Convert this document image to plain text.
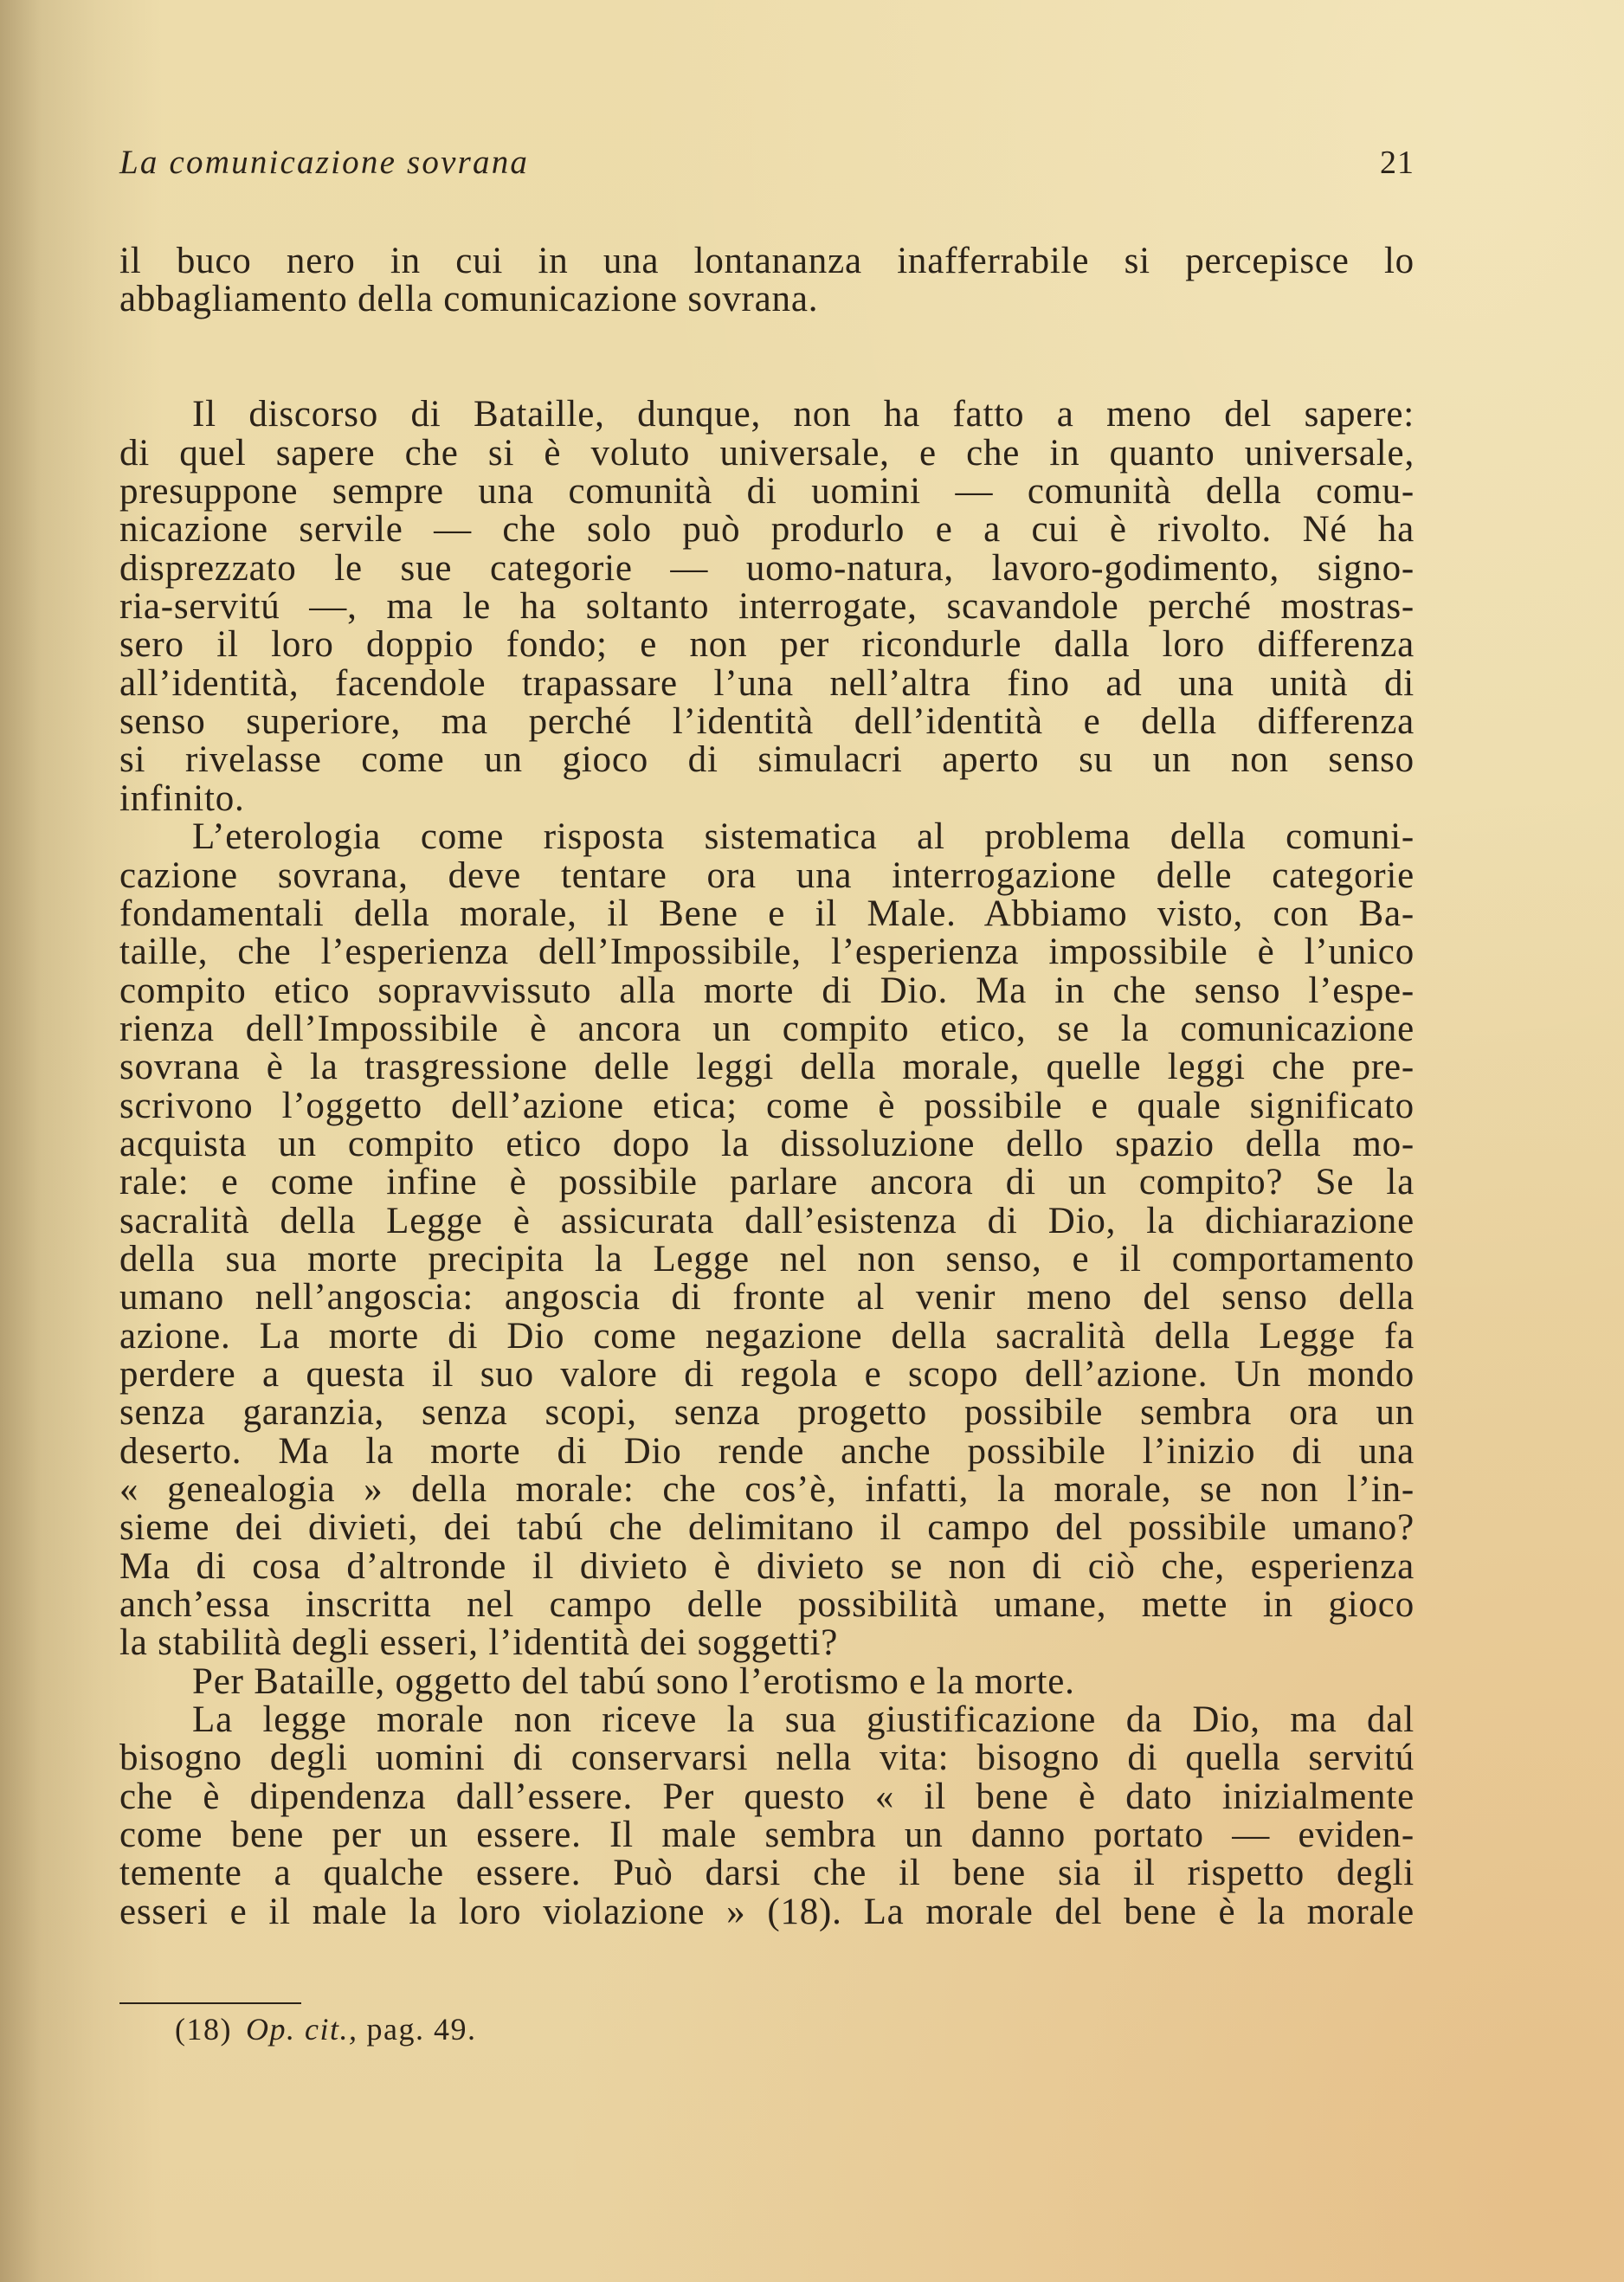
La comunicazione sovrana	21
il buco nero in cui in una lontananza inafferrabile si percepisce lo
abbagliamento della comunicazione sovrana.
Il discorso di Bataille, dunque, non ha fatto a meno del sapere:
di quel sapere che si è voluto universale, e che in quanto universale,
presuppone sempre una comunità di uomini — comunità della comu-
nicazione servile — che solo può produrlo e a cui è rivolto. Né ha
disprezzato le sue categorie — uomo-natura, lavoro-godimento, signo-
ria-servitú —, ma le ha soltanto interrogate, scavandole perché mostras-
sero il loro doppio fondo; e non per ricondurle dalla loro differenza
all’identità, facendole trapassare l’una nell’altra fino ad una unità di
senso superiore, ma perché l’identità dell’identità e della differenza
si rivelasse come un gioco di simulacri aperto su un non senso
infinito.
L’eterologia come risposta sistematica al problema della comuni-
cazione sovrana, deve tentare ora una interrogazione delle categorie
fondamentali della morale, il Bene e il Male. Abbiamo visto, con Ba-
taille, che l’esperienza dell’Impossibile, l’esperienza impossibile è l’unico
compito etico sopravvissuto alla morte di Dio. Ma in che senso l’espe-
rienza dell’Impossibile è ancora un compito etico, se la comunicazione
sovrana è la trasgressione delle leggi della morale, quelle leggi che pre-
scrivono l’oggetto dell’azione etica; come è possibile e quale significato
acquista un compito etico dopo la dissoluzione dello spazio della mo-
rale: e come infine è possibile parlare ancora di un compito? Se la
sacralità della Legge è assicurata dall’esistenza di Dio, la dichiarazione
della sua morte precipita la Legge nel non senso, e il comportamento
umano nell’angoscia: angoscia di fronte al venir meno del senso della
azione. La morte di Dio come negazione della sacralità della Legge fa
perdere a questa il suo valore di regola e scopo dell’azione. Un mondo
senza garanzia, senza scopi, senza progetto possibile sembra ora un
deserto. Ma la morte di Dio rende anche possibile l’inizio di una
« genealogia » della morale: che cos’è, infatti, la morale, se non l’in-
sieme dei divieti, dei tabú che delimitano il campo del possibile umano?
Ma di cosa d’altronde il divieto è divieto se non di ciò che, esperienza
anch’essa inscritta nel campo delle possibilità umane, mette in gioco
la stabilità degli esseri, l’identità dei soggetti?
Per Bataille, oggetto del tabú sono l’erotismo e la morte.
La legge morale non riceve la sua giustificazione da Dio, ma dal
bisogno degli uomini di conservarsi nella vita: bisogno di quella servitú
che è dipendenza dall’essere. Per questo « il bene è dato inizialmente
come bene per un essere. Il male sembra un danno portato — eviden-
temente a qualche essere. Può darsi che il bene sia il rispetto degli
esseri e il male la loro violazione » (18). La morale del bene è la morale
(18) Op. cit., pag. 49.
